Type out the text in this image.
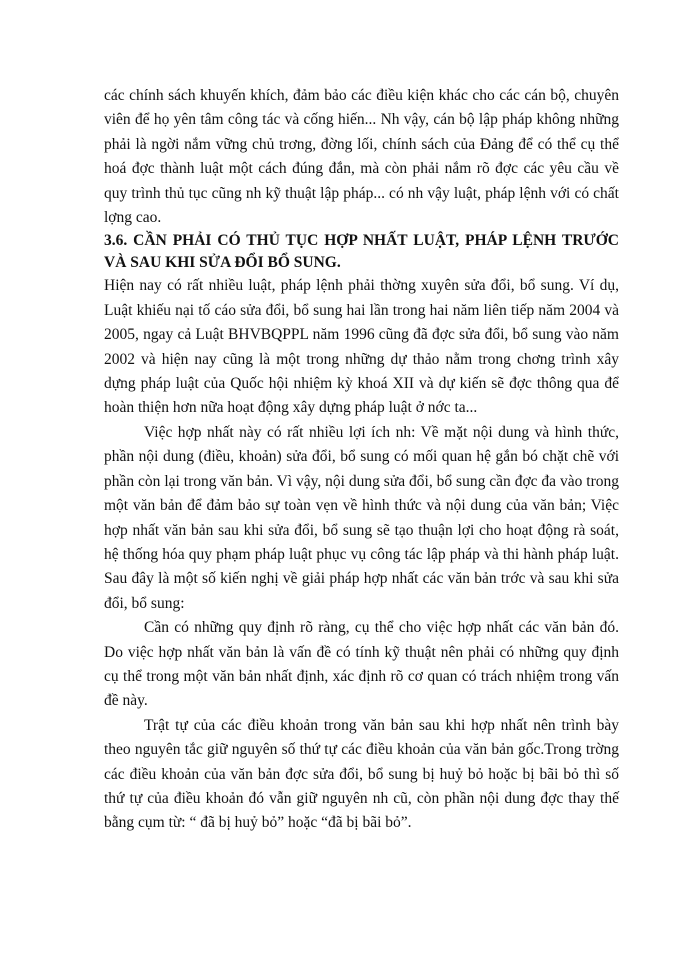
các chính sách khuyến khích, đảm bảo các điều kiện khác cho các cán bộ, chuyên viên để họ yên tâm công tác và cống hiến... Nh vậy, cán bộ lập pháp không những phải là ngời nắm vững chủ trơng, đờng lối, chính sách của Đảng để có thể cụ thể hoá đợc thành luật một cách đúng đắn, mà còn phải nắm rõ đợc các yêu cầu về quy trình thủ tục cũng nh kỹ thuật lập pháp... có nh vậy luật, pháp lệnh với có chất lợng cao.

3.6. CẦN PHẢI CÓ THỦ TỤC HỢP NHẤT LUẬT, PHÁP LỆNH TRƯỚC VÀ SAU KHI SỬA ĐỔI BỔ SUNG.

Hiện nay có rất nhiều luật, pháp lệnh phải thờng xuyên sửa đổi, bổ sung. Ví dụ, Luật khiếu nại tố cáo sửa đổi, bổ sung hai lần trong hai năm liên tiếp năm 2004 và 2005, ngay cả Luật BHVBQPPL năm 1996 cũng đã đợc sửa đổi, bổ sung vào năm 2002 và hiện nay cũng là một trong những dự thảo nằm trong chơng trình xây dựng pháp luật của Quốc hội nhiệm kỳ khoá XII và dự kiến sẽ đợc thông qua để hoàn thiện hơn nữa hoạt động xây dựng pháp luật ở nớc ta...

Việc hợp nhất này có rất nhiều lợi ích nh: Về mặt nội dung và hình thức, phần nội dung (điều, khoản) sửa đổi, bổ sung có mối quan hệ gắn bó chặt chẽ với phần còn lại trong văn bản. Vì vậy, nội dung sửa đổi, bổ sung cần đợc đa vào trong một văn bản để đảm bảo sự toàn vẹn về hình thức và nội dung của văn bản; Việc hợp nhất văn bản sau khi sửa đổi, bổ sung sẽ tạo thuận lợi cho hoạt động rà soát, hệ thống hóa quy phạm pháp luật phục vụ công tác lập pháp và thi hành pháp luật. Sau đây là một số kiến nghị về giải pháp hợp nhất các văn bản trớc và sau khi sửa đổi, bổ sung:

Cần có những quy định rõ ràng, cụ thể cho việc hợp nhất các văn bản đó. Do việc hợp nhất văn bản là vấn đề có tính kỹ thuật nên phải có những quy định cụ thể trong một văn bản nhất định, xác định rõ cơ quan có trách nhiệm trong vấn đề này.

Trật tự của các điều khoản trong văn bản sau khi hợp nhất nên trình bày theo nguyên tắc giữ nguyên số thứ tự các điều khoản của văn bản gốc.Trong trờng các điều khoản của văn bản đợc sửa đổi, bổ sung bị huỷ bỏ hoặc bị bãi bỏ thì số thứ tự của điều khoản đó vẫn giữ nguyên nh cũ, còn phần nội dung đợc thay thế bằng cụm từ: “ đã bị huỷ bỏ” hoặc “đã bị bãi bỏ”.
